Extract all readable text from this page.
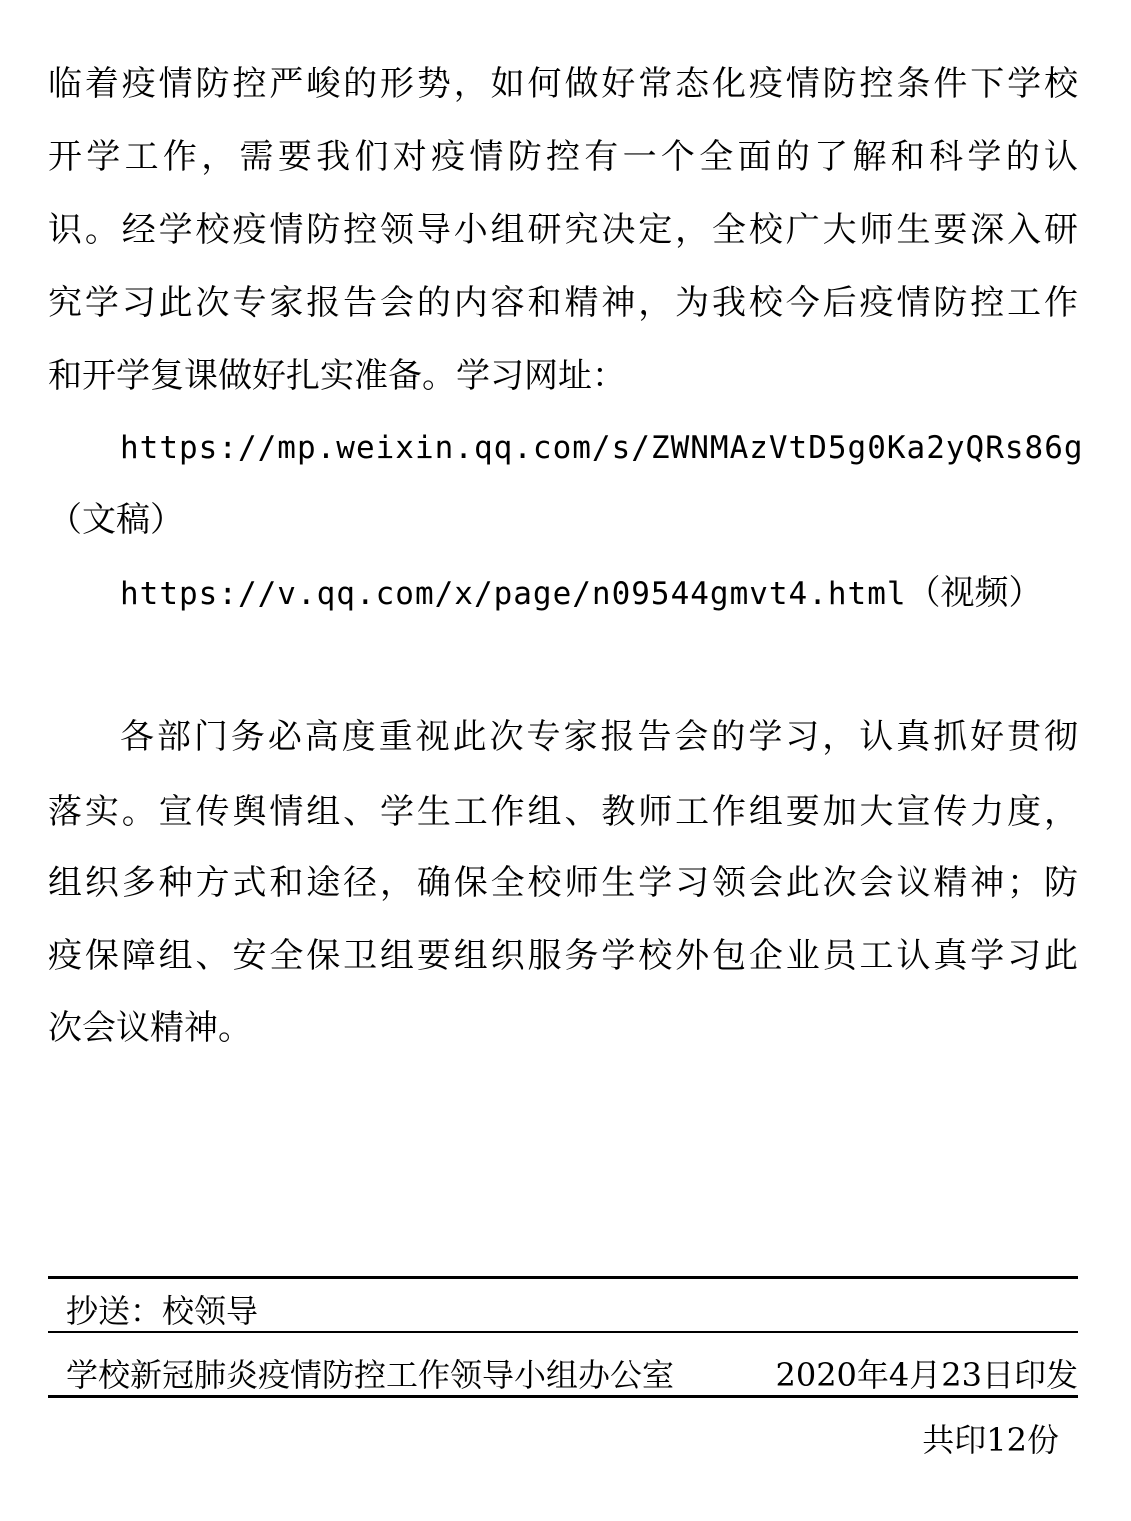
临着疫情防控严峻的形势，如何做好常态化疫情防控条件下学校
开学工作，需要我们对疫情防控有一个全面的了解和科学的认
识。经学校疫情防控领导小组研究决定，全校广大师生要深入研
究学习此次专家报告会的内容和精神，为我校今后疫情防控工作
和开学复课做好扎实准备。学习网址：
https://mp.weixin.qq.com/s/ZWNMAzVtD5g0Ka2yQRs86g
（文稿）
https://v.qq.com/x/page/n09544gmvt4.html（视频）
各部门务必高度重视此次专家报告会的学习，认真抓好贯彻
落实。宣传舆情组、学生工作组、教师工作组要加大宣传力度，
组织多种方式和途径，确保全校师生学习领会此次会议精神；防
疫保障组、安全保卫组要组织服务学校外包企业员工认真学习此
次会议精神。
抄送：校领导
学校新冠肺炎疫情防控工作领导小组办公室	2020年4月23日印发
共印12份
